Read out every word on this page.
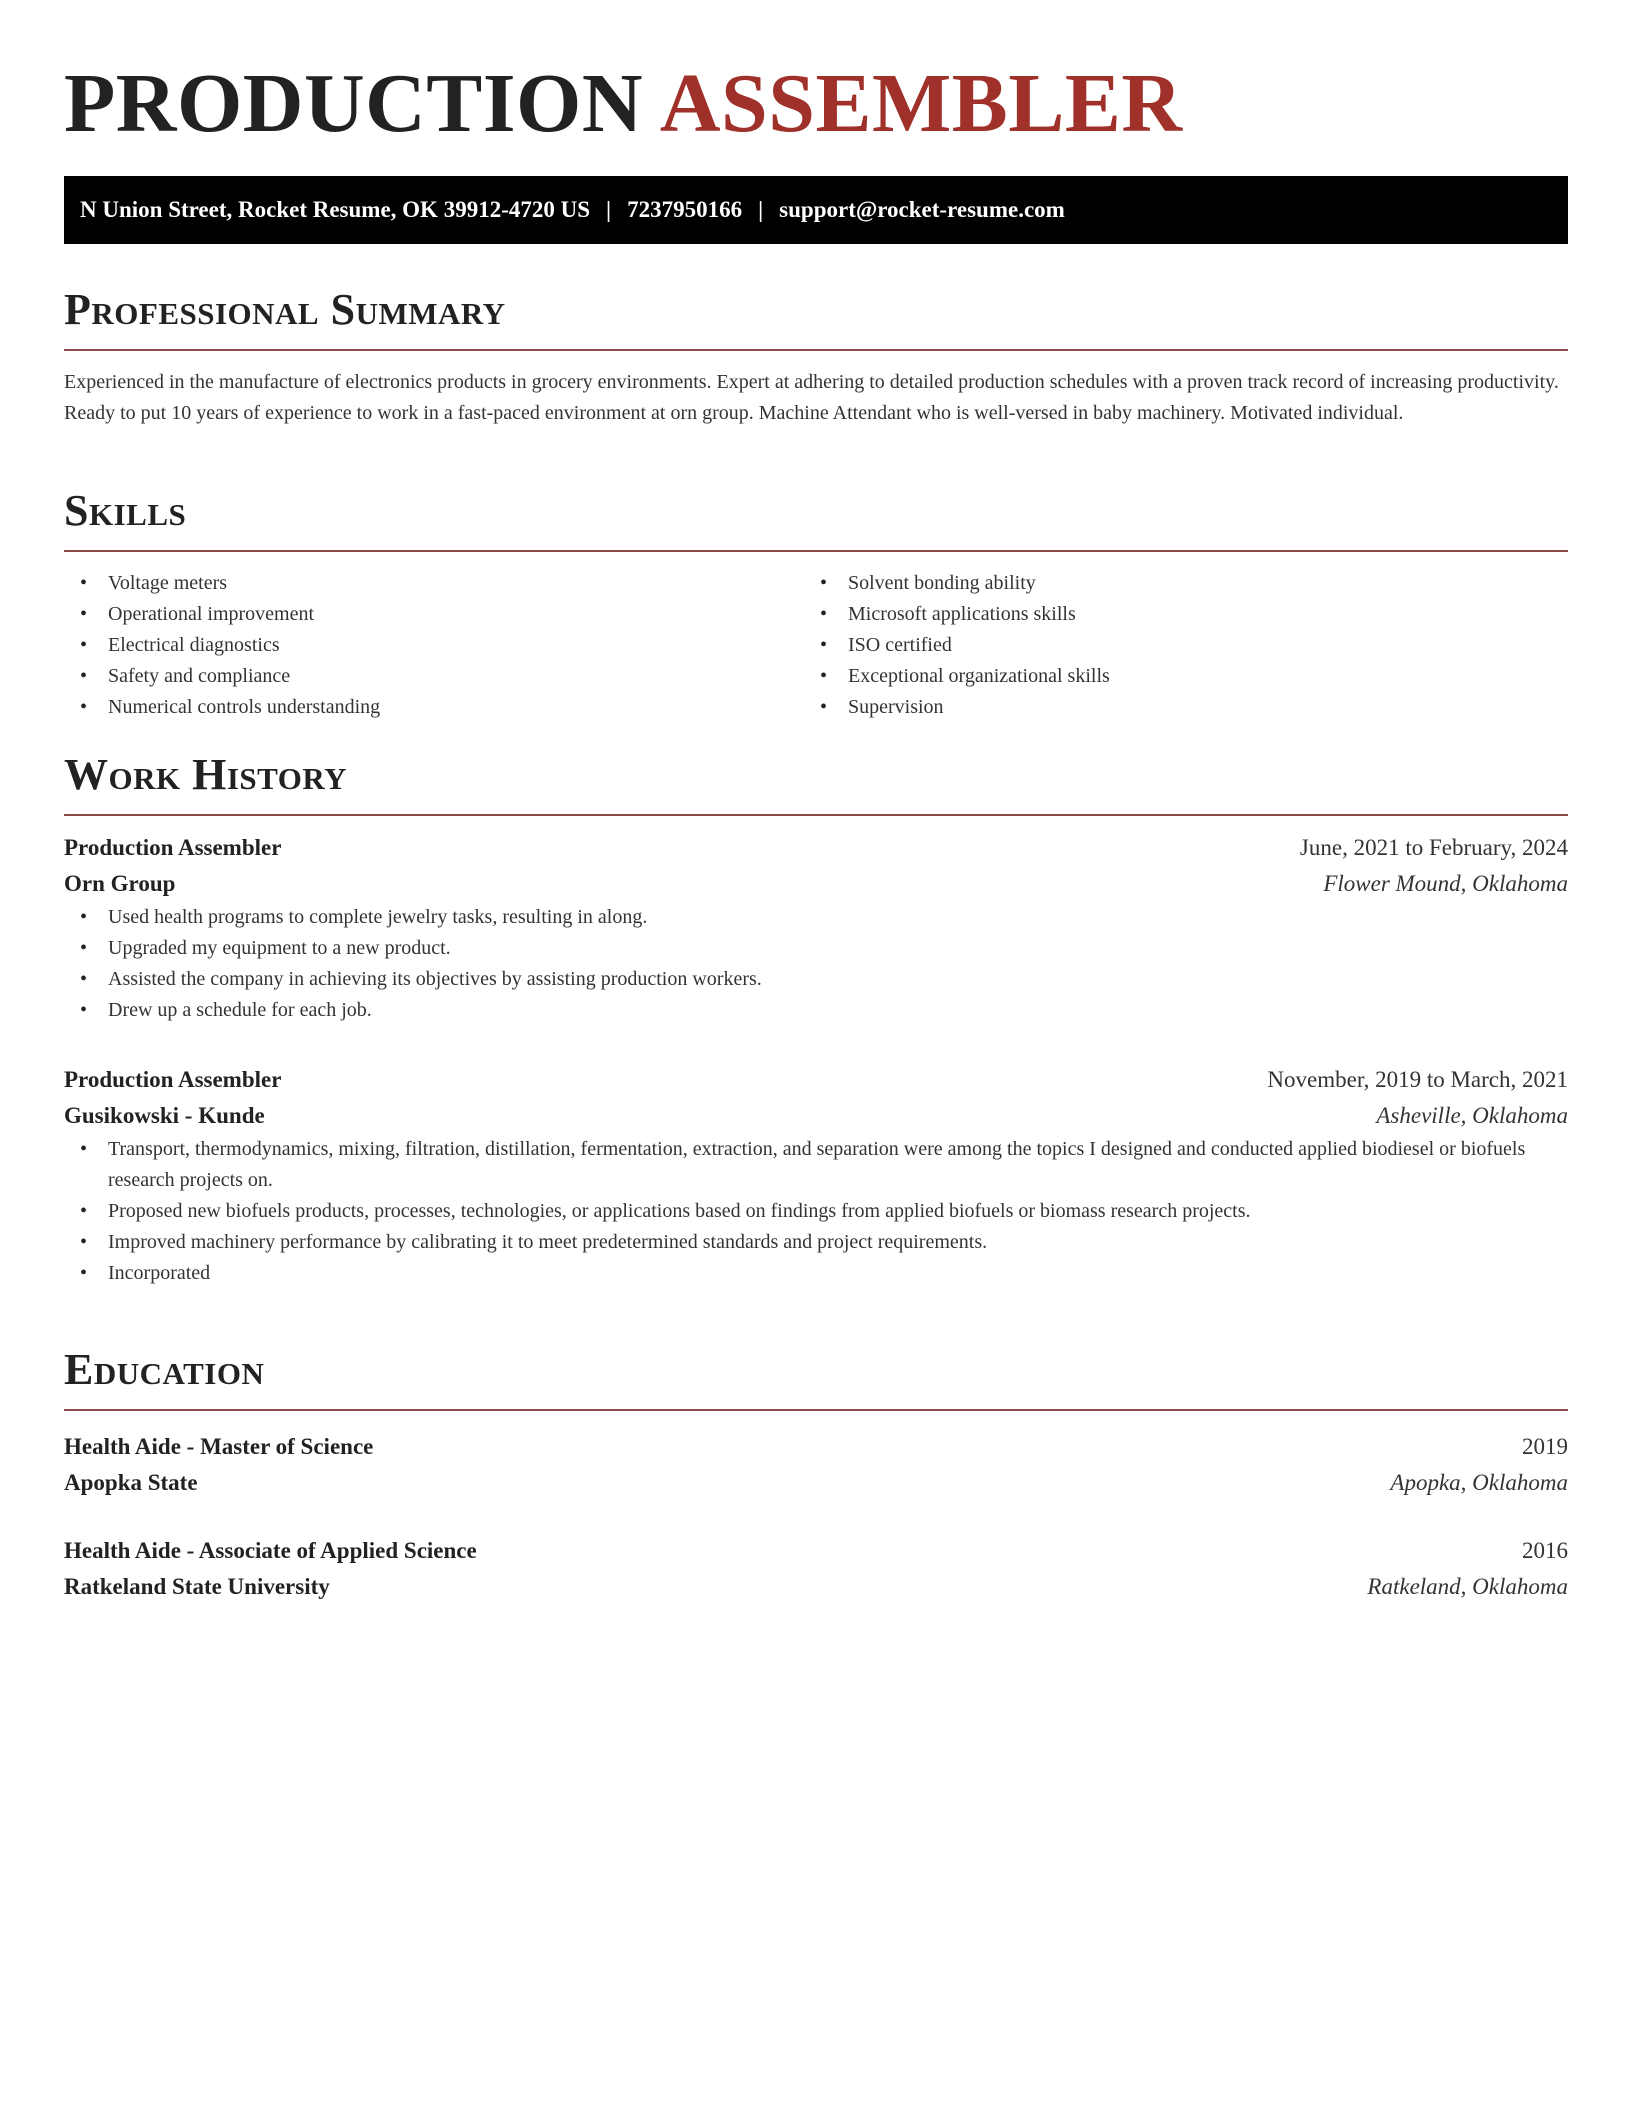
PRODUCTION ASSEMBLER
N Union Street, Rocket Resume, OK 39912-4720 US | 7237950166 | support@rocket-resume.com
Professional Summary

Experienced in the manufacture of electronics products in grocery environments. Expert at adhering to detailed production schedules with a proven track record of increasing productivity. Ready to put 10 years of experience to work in a fast-paced environment at orn group. Machine Attendant who is well-versed in baby machinery. Motivated individual.

Skills
• Voltage meters
• Operational improvement
• Electrical diagnostics
• Safety and compliance
• Numerical controls understanding
• Solvent bonding ability
• Microsoft applications skills
• ISO certified
• Exceptional organizational skills
• Supervision
Work History
Production Assembler	June, 2021 to February, 2024
Orn Group	Flower Mound, Oklahoma
• Used health programs to complete jewelry tasks, resulting in along.
• Upgraded my equipment to a new product.
• Assisted the company in achieving its objectives by assisting production workers.
• Drew up a schedule for each job.
Production Assembler	November, 2019 to March, 2021
Gusikowski - Kunde	Asheville, Oklahoma
• Transport, thermodynamics, mixing, filtration, distillation, fermentation, extraction, and separation were among the topics I designed and conducted applied biodiesel or biofuels research projects on.
• Proposed new biofuels products, processes, technologies, or applications based on findings from applied biofuels or biomass research projects.
• Improved machinery performance by calibrating it to meet predetermined standards and project requirements.
• Incorporated
Education
Health Aide - Master of Science	2019
Apopka State	Apopka, Oklahoma
Health Aide - Associate of Applied Science	2016
Ratkeland State University	Ratkeland, Oklahoma
